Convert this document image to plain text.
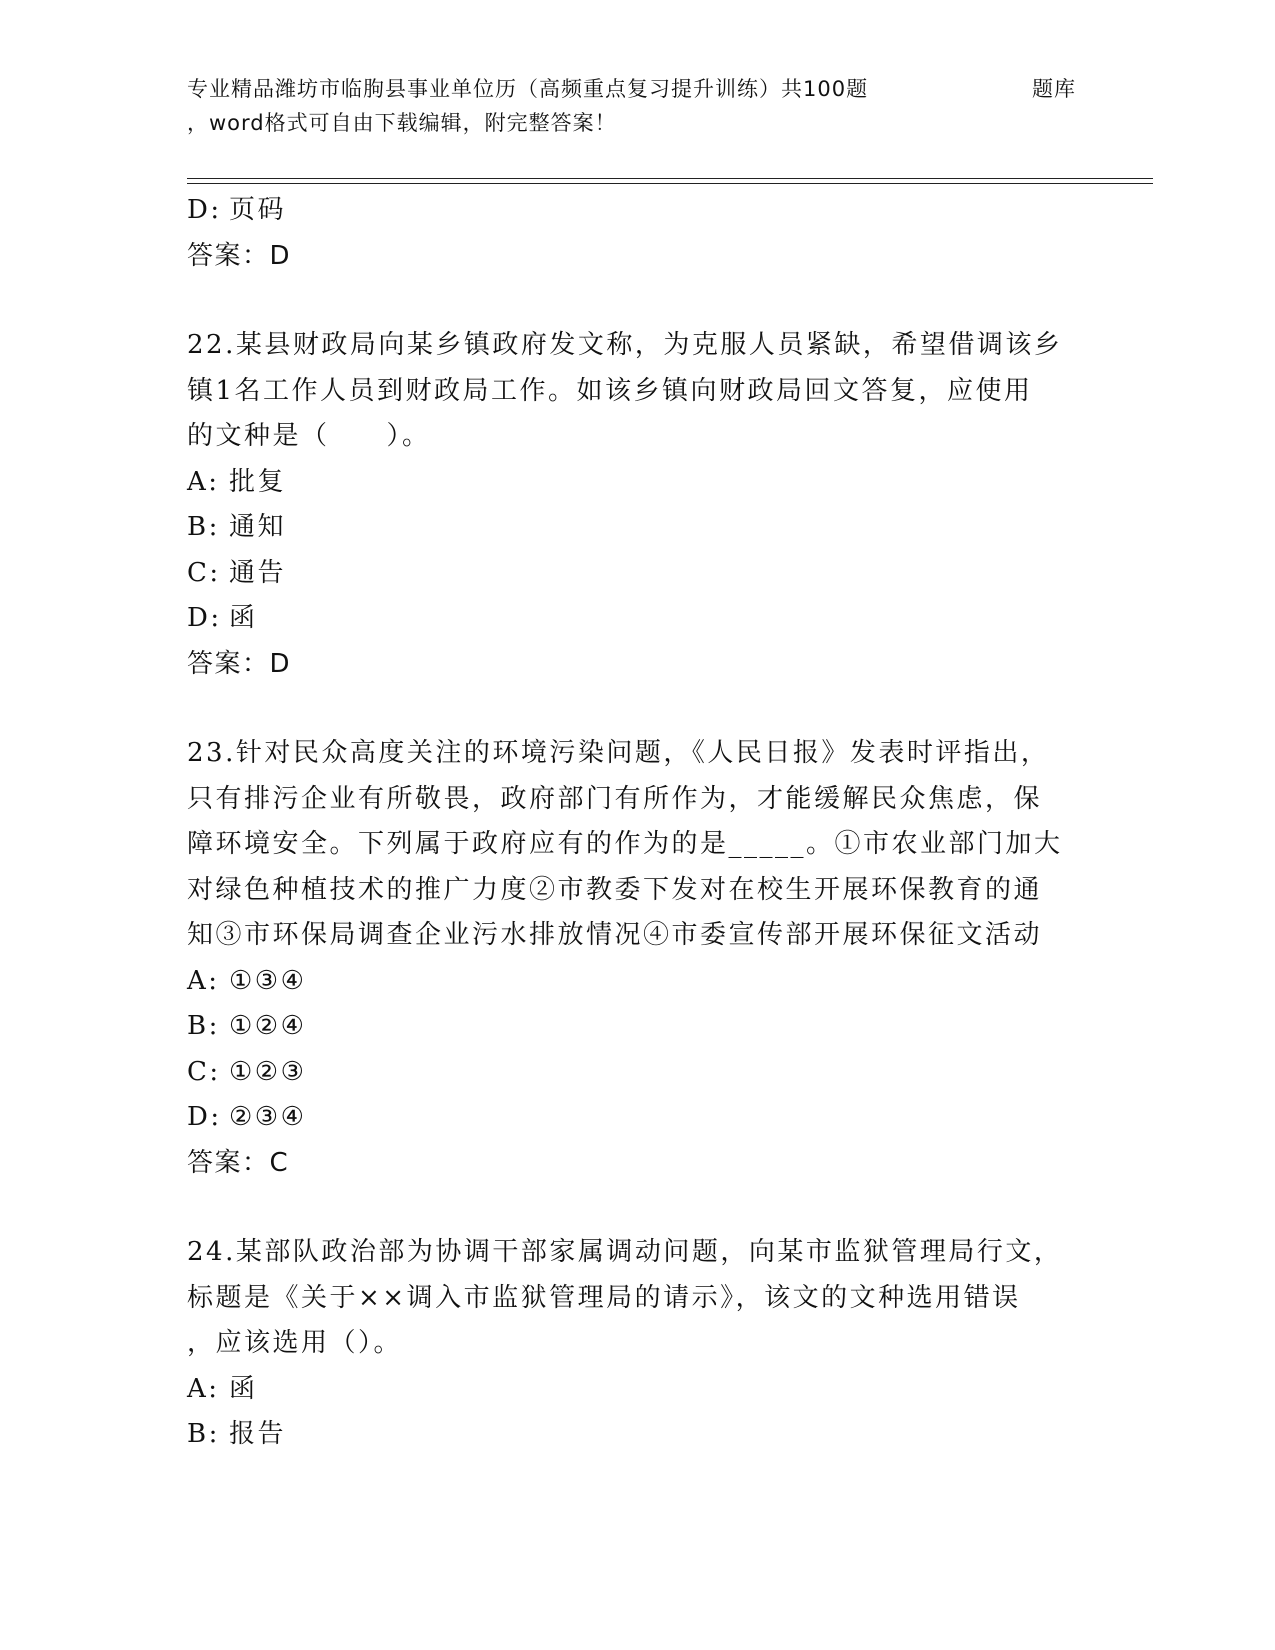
专业精品潍坊市临朐县事业单位历（高频重点复习提升训练）共100题	题库
，word格式可自由下载编辑，附完整答案！
D: 页码
答案：D
22.某县财政局向某乡镇政府发文称，为克服人员紧缺，希望借调该乡
镇1名工作人员到财政局工作。如该乡镇向财政局回文答复，应使用
的文种是（　　）。
A: 批复
B: 通知
C: 通告
D: 函
答案：D
23.针对民众高度关注的环境污染问题，《人民日报》发表时评指出，
只有排污企业有所敬畏，政府部门有所作为，才能缓解民众焦虑，保
障环境安全。下列属于政府应有的作为的是_____。①市农业部门加大
对绿色种植技术的推广力度②市教委下发对在校生开展环保教育的通
知③市环保局调查企业污水排放情况④市委宣传部开展环保征文活动
A: ①③④
B: ①②④
C: ①②③
D: ②③④
答案：C
24.某部队政治部为协调干部家属调动问题，向某市监狱管理局行文，
标题是《关于××调入市监狱管理局的请示》，该文的文种选用错误
，应该选用（）。
A: 函
B: 报告
